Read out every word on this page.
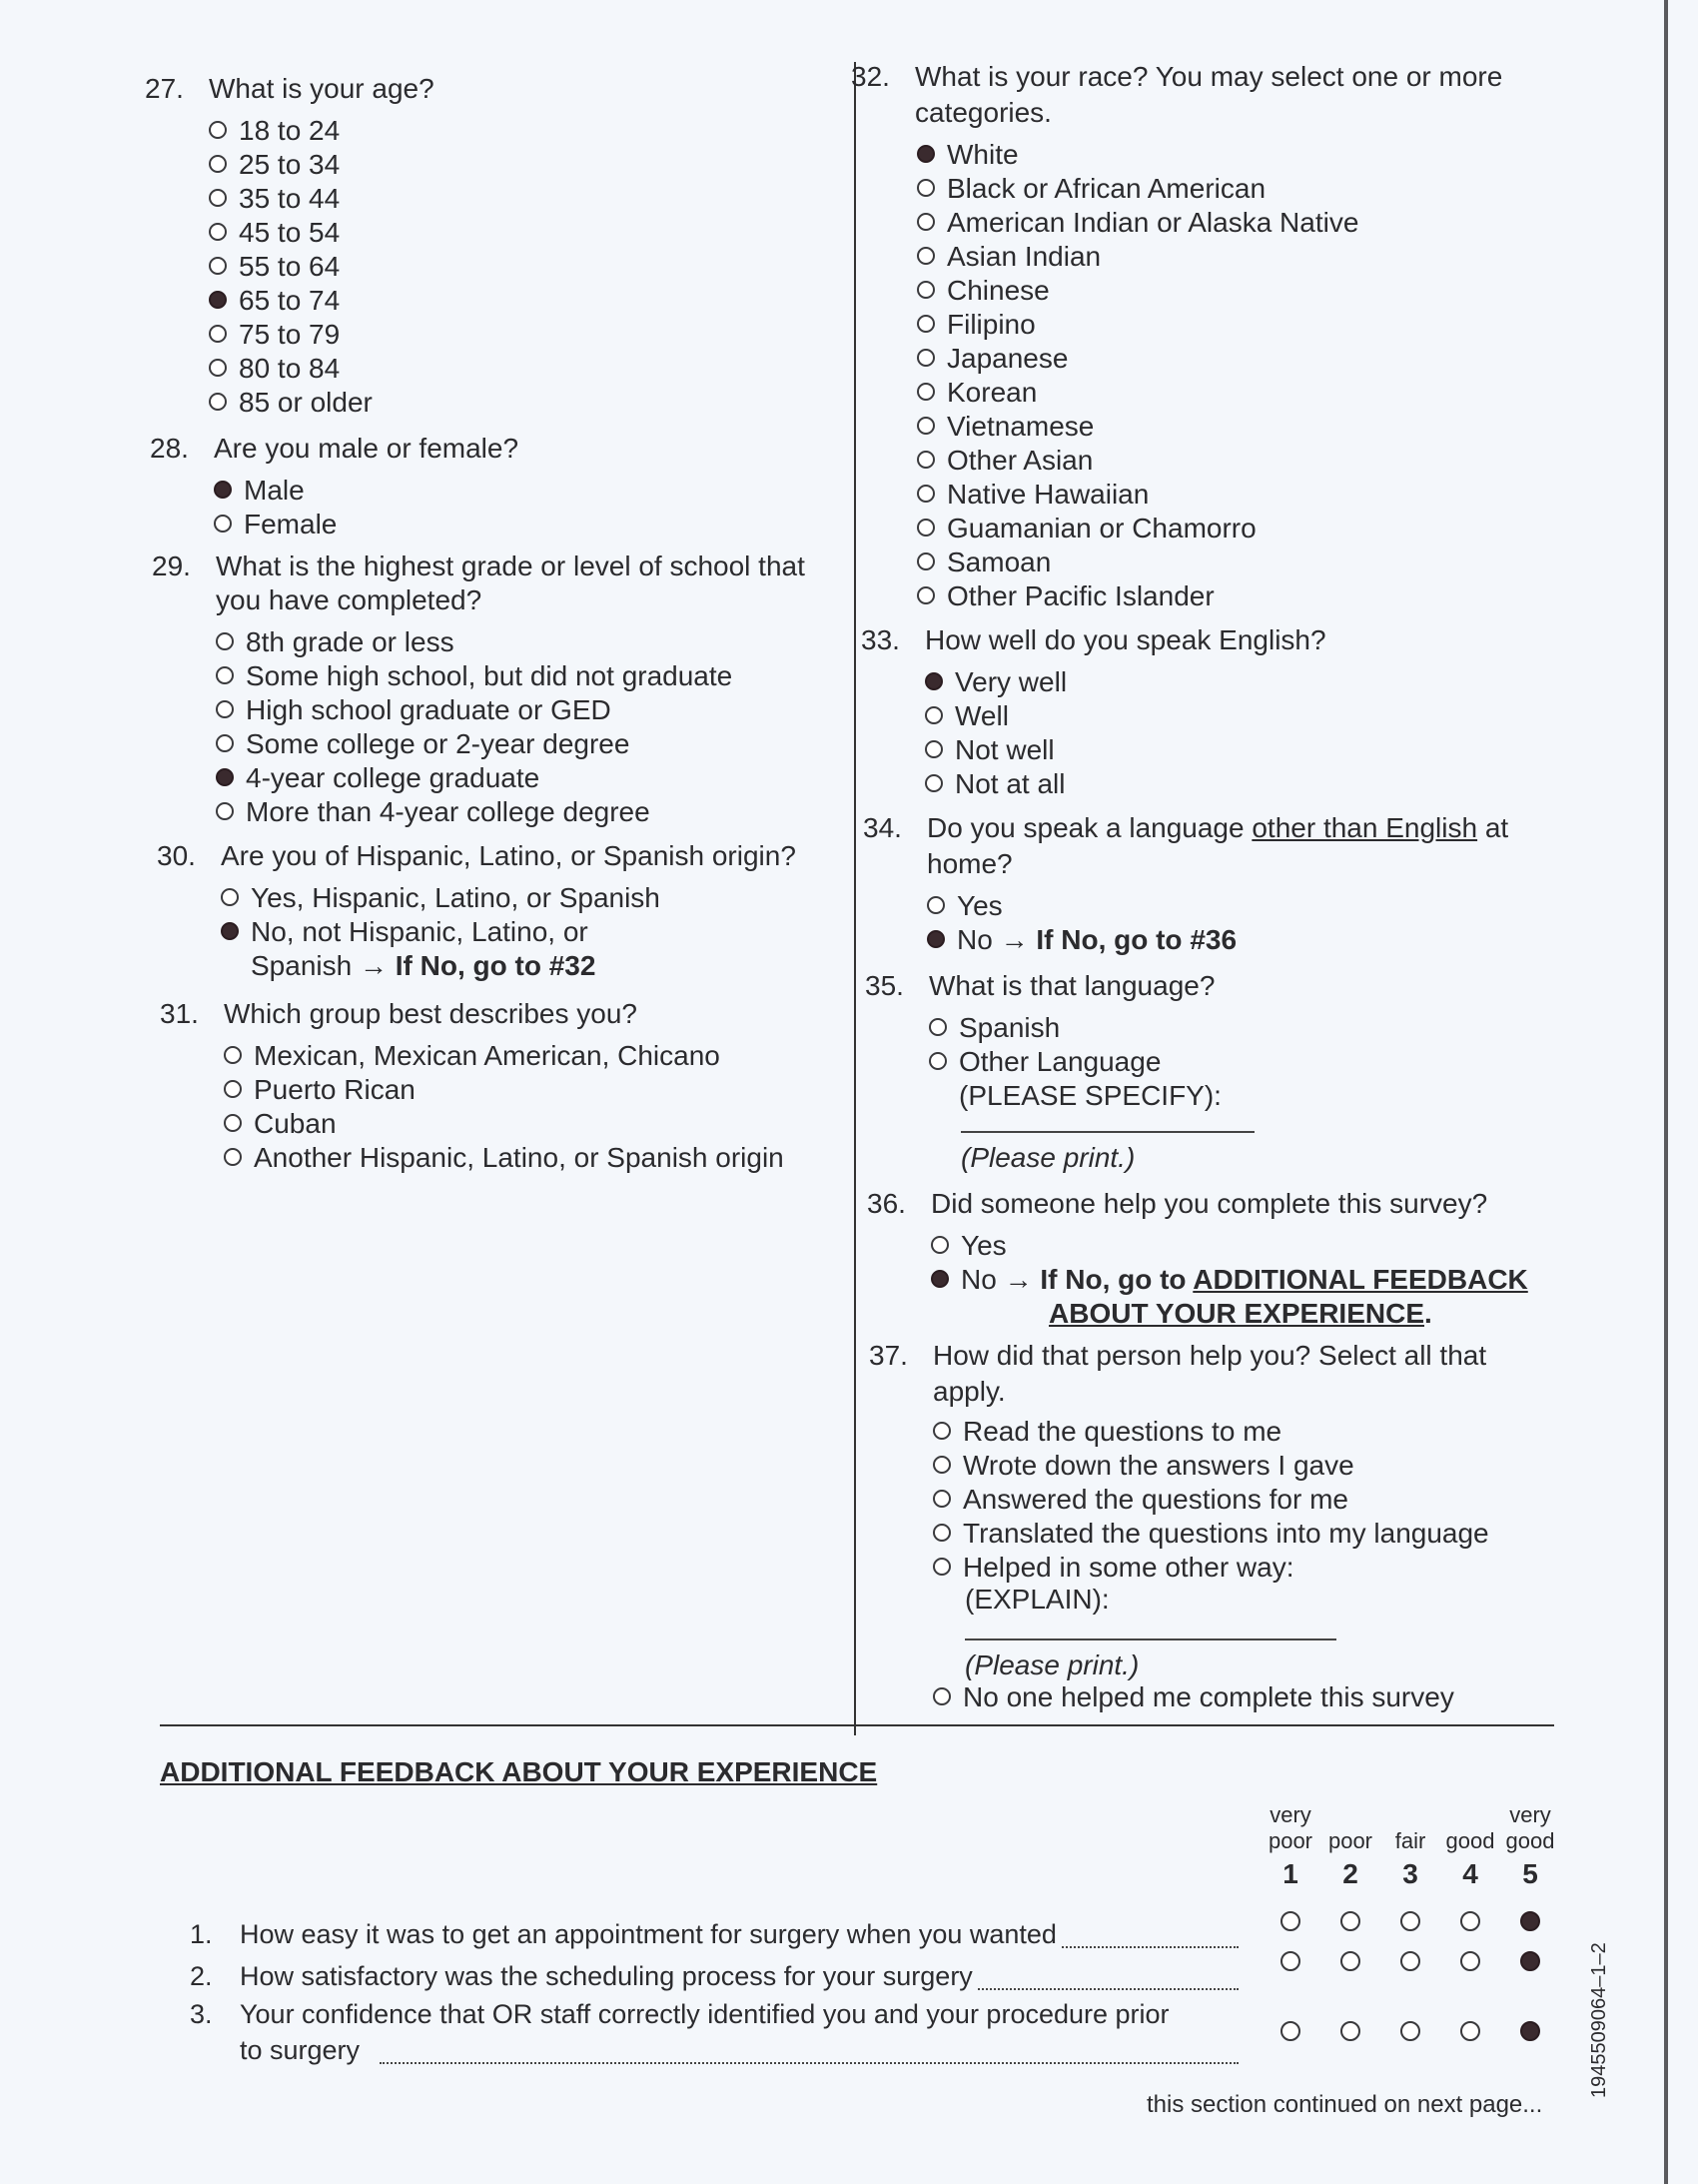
27. What is your age?
18 to 24
25 to 34
35 to 44
45 to 54
55 to 64
65 to 74
75 to 79
80 to 84
85 or older
28. Are you male or female?
Male
Female
29. What is the highest grade or level of school that
you have completed?
8th grade or less
Some high school, but did not graduate
High school graduate or GED
Some college or 2-year degree
4-year college graduate
More than 4-year college degree
30. Are you of Hispanic, Latino, or Spanish origin?
Yes, Hispanic, Latino, or Spanish
No, not Hispanic, Latino, or
Spanish → If No, go to #32
31. Which group best describes you?
Mexican, Mexican American, Chicano
Puerto Rican
Cuban
Another Hispanic, Latino, or Spanish origin
32. What is your race? You may select one or more
categories.
White
Black or African American
American Indian or Alaska Native
Asian Indian
Chinese
Filipino
Japanese
Korean
Vietnamese
Other Asian
Native Hawaiian
Guamanian or Chamorro
Samoan
Other Pacific Islander
33. How well do you speak English?
Very well
Well
Not well
Not at all
34. Do you speak a language other than English at
home?
Yes
No → If No, go to #36
35. What is that language?
Spanish
Other Language
(PLEASE SPECIFY):
(Please print.)
36. Did someone help you complete this survey?
Yes
No → If No, go to ADDITIONAL FEEDBACK
ABOUT YOUR EXPERIENCE.
37. How did that person help you? Select all that
apply.
Read the questions to me
Wrote down the answers I gave
Answered the questions for me
Translated the questions into my language
Helped in some other way:
(EXPLAIN):
(Please print.)
No one helped me complete this survey
ADDITIONAL FEEDBACK ABOUT YOUR EXPERIENCE
very
poor
1
poor
2
fair
3
good
4
very
good
5
1. How easy it was to get an appointment for surgery when you wanted
2. How satisfactory was the scheduling process for your surgery
3. Your confidence that OR staff correctly identified you and your procedure prior
to surgery
this section continued on next page...
1945509064–1–2
